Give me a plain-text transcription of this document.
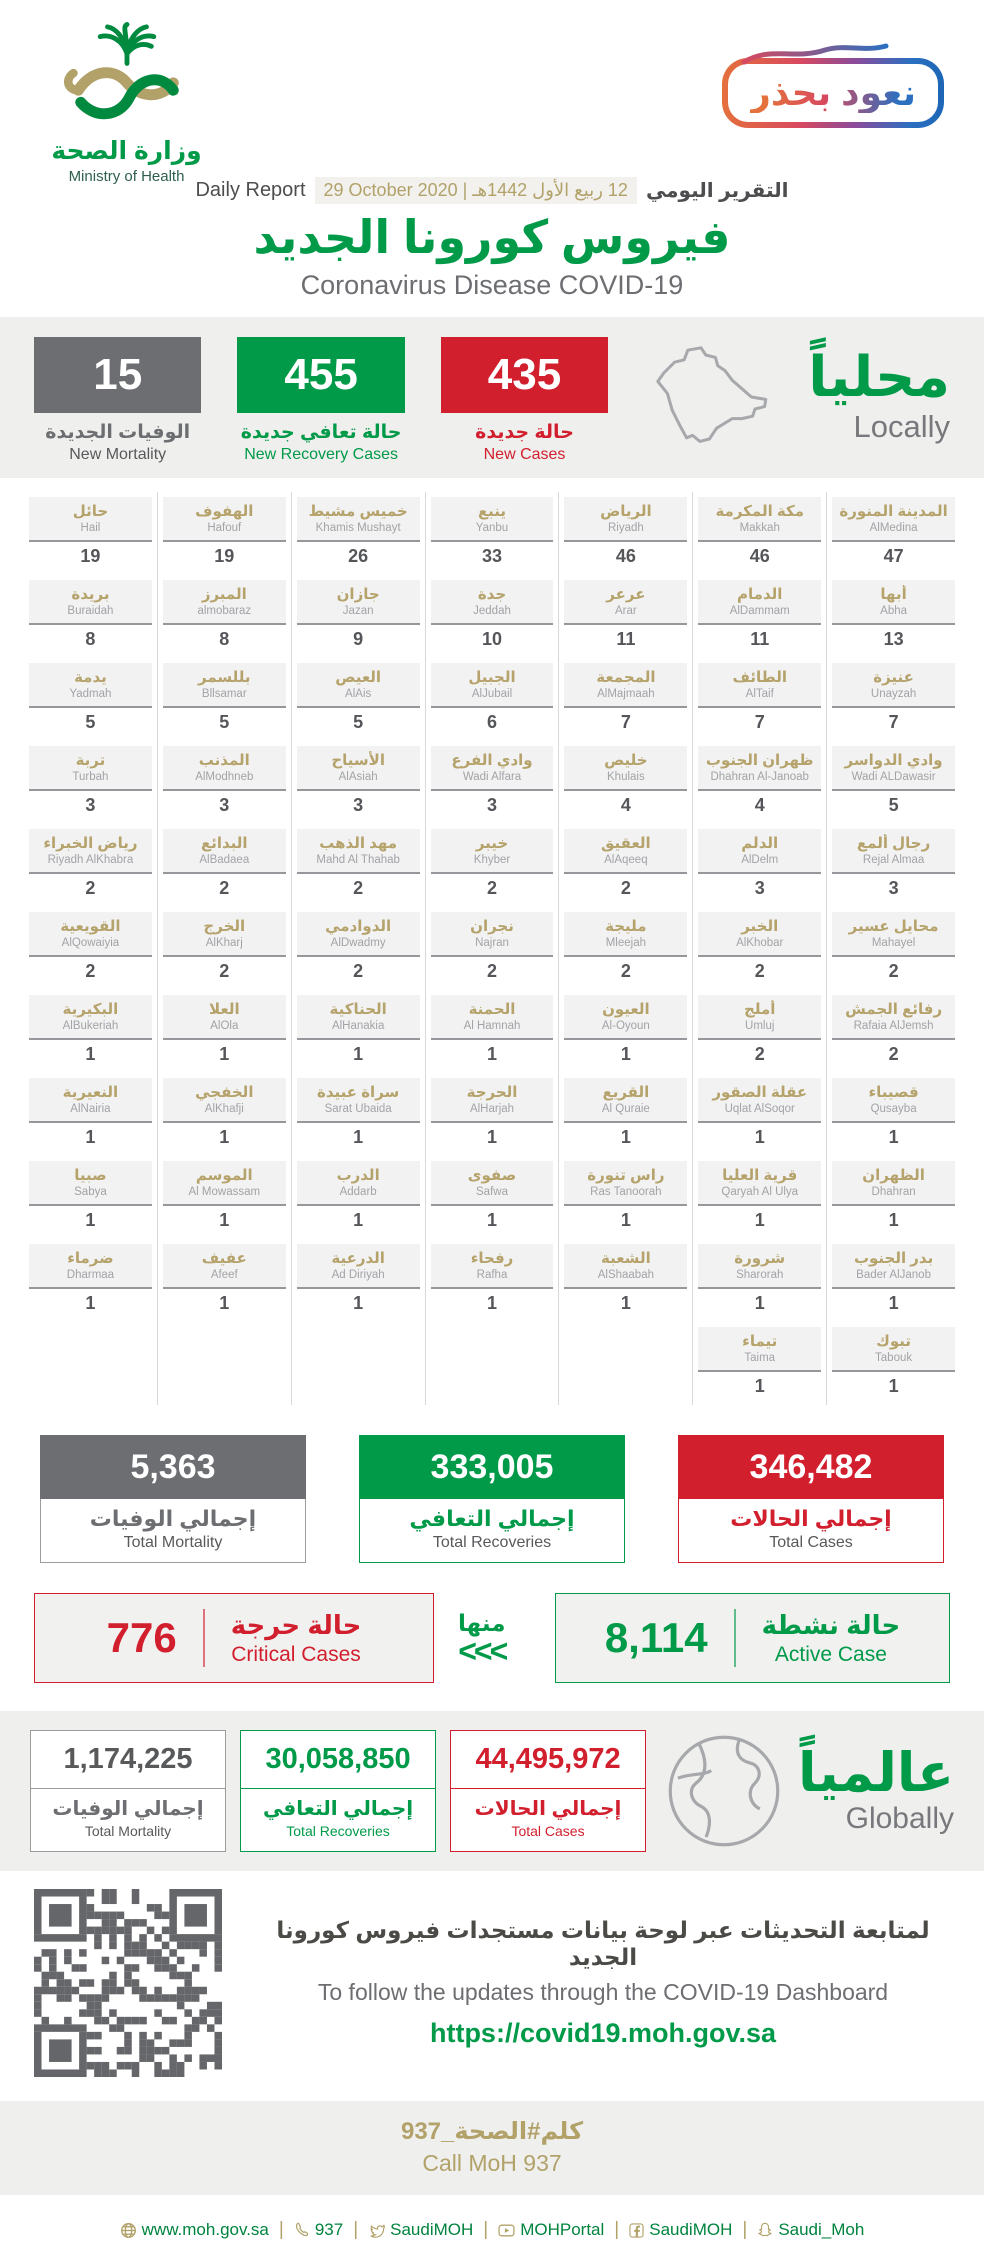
وزارة الصحة
Ministry of Health
نعود بحذر
Daily Report	29 October 2020 | 12 ربيع الأول 1442هـ التقرير اليومي
فيروس كورونا الجديد
Coronavirus Disease COVID-19
15
الوفيات الجديدة
New Mortality
455
حالة تعافي جديدة
New Recovery Cases
435
حالة جديدة
New Cases
محلياً
Locally
حائل
Hail
19
بريدة
Buraidah
8
يدمة
Yadmah
5
تربة
Turbah
3
رياض الخبراء
Riyadh AlKhabra
2
القويعية
AlQowaiyia
2
البكيرية
AlBukeriah
1
النعيرية
AlNairia
1
صبيا
Sabya
1
ضرماء
Dharmaa
1
الهفوف
Hafouf
19
المبرز
almobaraz
8
بللسمر
Bllsamar
5
المذنب
AlModhneb
3
البدائع
AlBadaea
2
الخرج
AlKharj
2
العلا
AlOla
1
الخفجي
AlKhafji
1
الموسم
Al Mowassam
1
عفيف
Afeef
1
خميس مشيط
Khamis Mushayt
26
جازان
Jazan
9
العيص
AlAis
5
الأسياح
AlAsiah
3
مهد الذهب
Mahd Al Thahab
2
الدوادمي
AlDwadmy
2
الحناكية
AlHanakia
1
سراة عبيدة
Sarat Ubaida
1
الدرب
Addarb
1
الدرعية
Ad Diriyah
1
ينبع
Yanbu
33
جدة
Jeddah
10
الجبيل
AlJubail
6
وادي الفرع
Wadi Alfara
3
خيبر
Khyber
2
نجران
Najran
2
الحمنة
Al Hamnah
1
الحرجة
AlHarjah
1
صفوى
Safwa
1
رفحاء
Rafha
1
الرياض
Riyadh
46
عرعر
Arar
11
المجمعة
AlMajmaah
7
خليص
Khulais
4
العقيق
AlAqeeq
2
مليجة
Mleejah
2
العيون
Al-Oyoun
1
القريع
Al Quraie
1
راس تنورة
Ras Tanoorah
1
الشعبة
AlShaabah
1
مكة المكرمة
Makkah
46
الدمام
AlDammam
11
الطائف
AlTaif
7
ظهران الجنوب
Dhahran Al-Janoab
4
الدلم
AlDelm
3
الخبر
AlKhobar
2
أملج
Umluj
2
عقلة الصقور
Uqlat AlSoqor
1
قرية العليا
Qaryah Al Ulya
1
شرورة
Sharorah
1
تيماء
Taima
1
المدينة المنورة
AlMedina
47
أبها
Abha
13
عنيزة
Unayzah
7
وادي الدواسر
Wadi ALDawasir
5
رجال ألمع
Rejal Almaa
3
محايل عسير
Mahayel
2
رفائع الجمش
Rafaia AlJemsh
2
قصيباء
Qusayba
1
الظهران
Dhahran
1
بدر الجنوب
Bader AlJanob
1
تبوك
Tabouk
1
5,363
إجمالي الوفيات
Total Mortality
333,005
إجمالي التعافي
Total Recoveries
346,482
إجمالي الحالات
Total Cases
776	حالة حرجة
Critical Cases
منها
<<<	8,114	حالة نشطة
Active Case
1,174,225
إجمالي الوفيات
Total Mortality
30,058,850
إجمالي التعافي
Total Recoveries
44,495,972
إجمالي الحالات
Total Cases
عالمياً
Globally
لمتابعة التحديثات عبر لوحة بيانات مستجدات فيروس كورونا الجديد
To follow the updates through the COVID-19 Dashboard
https://covid19.moh.gov.sa
كلم#الصحة_937
Call MoH 937
www.moh.gov.sa | 937 | SaudiMOH | MOHPortal | SaudiMOH | Saudi_Moh
